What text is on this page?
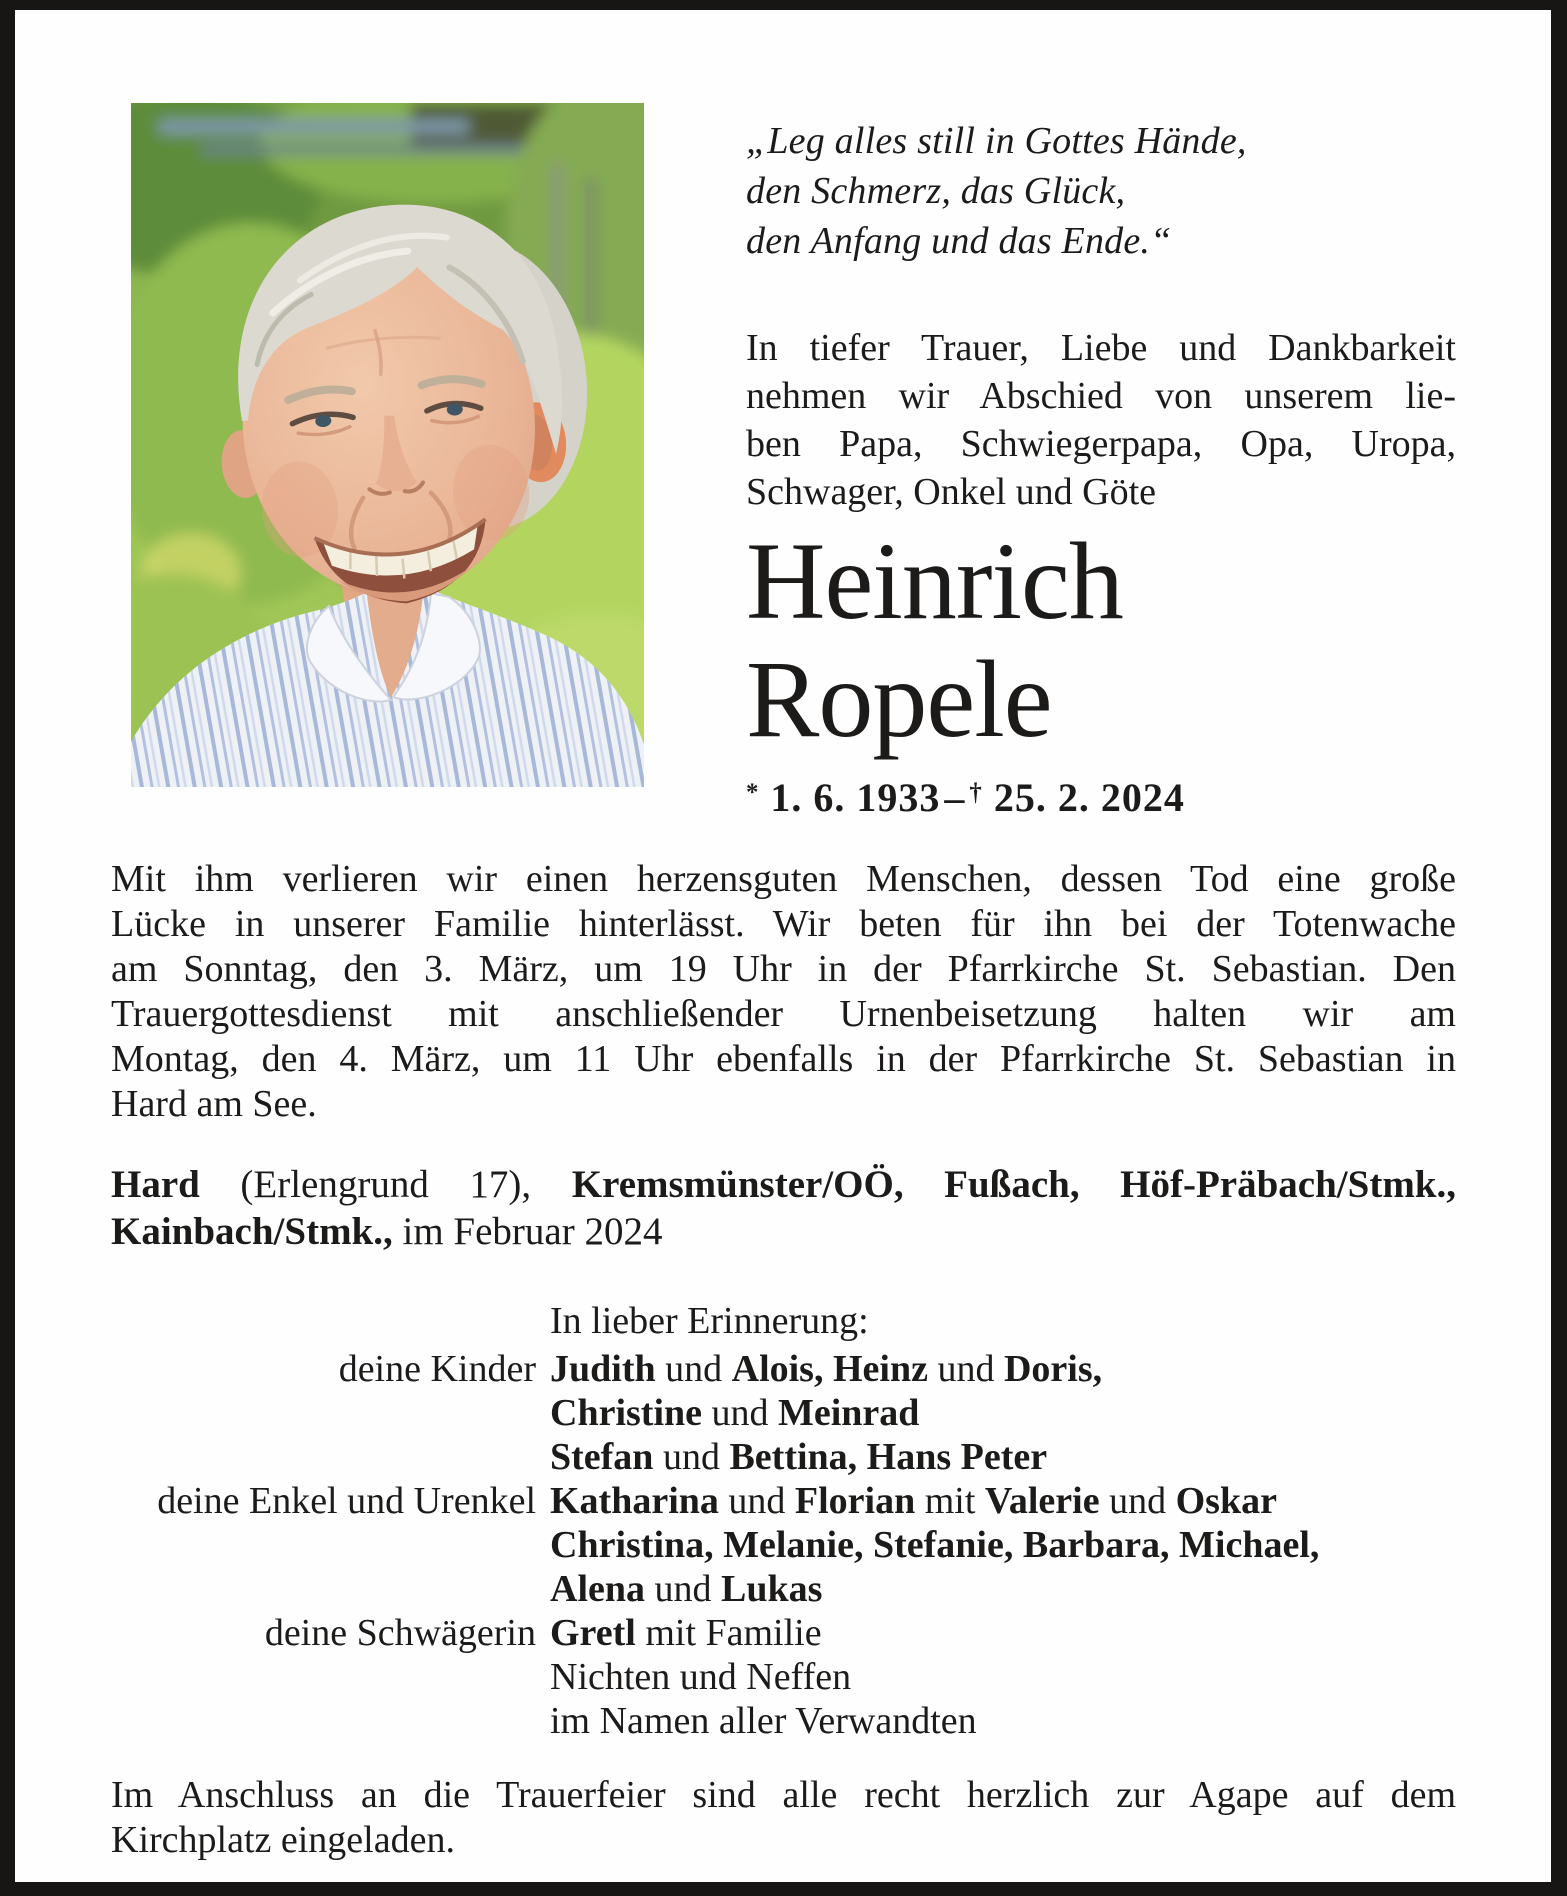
„Leg alles still in Gottes Hände,
den Schmerz, das Glück,
den Anfang und das Ende.“
In tiefer Trauer, Liebe und Dankbarkeit
nehmen wir Abschied von unserem lie-
ben Papa, Schwiegerpapa, Opa, Uropa,
Schwager, Onkel und Göte
Heinrich
Ropele
* 1. 6. 1933 – † 25. 2. 2024
Mit ihm verlieren wir einen herzensguten Menschen, dessen Tod eine große
Lücke in unserer Familie hinterlässt. Wir beten für ihn bei der Totenwache
am Sonntag, den 3. März, um 19 Uhr in der Pfarrkirche St. Sebastian. Den
Trauergottesdienst mit anschließender Urnenbeisetzung halten wir am
Montag, den 4. März, um 11 Uhr ebenfalls in der Pfarrkirche St. Sebastian in
Hard am See.
Hard (Erlengrund 17), Kremsmünster/OÖ, Fußach, Höf-Präbach/Stmk.,
Kainbach/Stmk., im Februar 2024
In lieber Erinnerung:
deine Kinder Judith und Alois, Heinz und Doris,
Christine und Meinrad
Stefan und Bettina, Hans Peter
deine Enkel und Urenkel Katharina und Florian mit Valerie und Oskar
Christina, Melanie, Stefanie, Barbara, Michael,
Alena und Lukas
deine Schwägerin Gretl mit Familie
Nichten und Neffen
im Namen aller Verwandten
Im Anschluss an die Trauerfeier sind alle recht herzlich zur Agape auf dem
Kirchplatz eingeladen.
